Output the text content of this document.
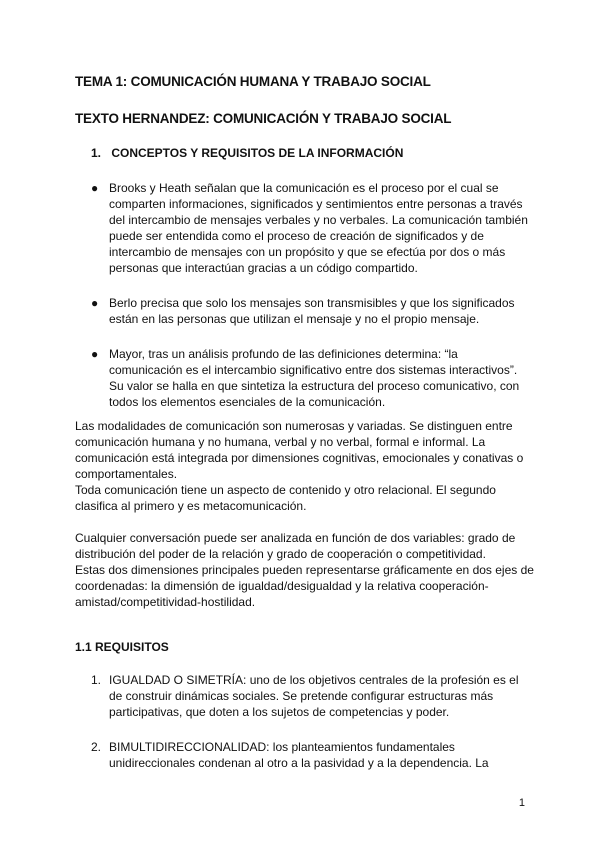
TEMA 1: COMUNICACIÓN HUMANA Y TRABAJO SOCIAL
TEXTO HERNANDEZ: COMUNICACIÓN Y TRABAJO SOCIAL
1. CONCEPTOS Y REQUISITOS DE LA INFORMACIÓN
● Brooks y Heath señalan que la comunicación es el proceso por el cual se comparten informaciones, significados y sentimientos entre personas a través del intercambio de mensajes verbales y no verbales. La comunicación también puede ser entendida como el proceso de creación de significados y de intercambio de mensajes con un propósito y que se efectúa por dos o más personas que interactúan gracias a un código compartido.
● Berlo precisa que solo los mensajes son transmisibles y que los significados están en las personas que utilizan el mensaje y no el propio mensaje.
● Mayor, tras un análisis profundo de las definiciones determina: “la comunicación es el intercambio significativo entre dos sistemas interactivos”. Su valor se halla en que sintetiza la estructura del proceso comunicativo, con todos los elementos esenciales de la comunicación.
Las modalidades de comunicación son numerosas y variadas. Se distinguen entre comunicación humana y no humana, verbal y no verbal, formal e informal. La comunicación está integrada por dimensiones cognitivas, emocionales y conativas o comportamentales.
Toda comunicación tiene un aspecto de contenido y otro relacional. El segundo clasifica al primero y es metacomunicación.
Cualquier conversación puede ser analizada en función de dos variables: grado de distribución del poder de la relación y grado de cooperación o competitividad.
Estas dos dimensiones principales pueden representarse gráficamente en dos ejes de coordenadas: la dimensión de igualdad/desigualdad y la relativa cooperación-amistad/competitividad-hostilidad.
1.1 REQUISITOS
1. IGUALDAD O SIMETRÍA: uno de los objetivos centrales de la profesión es el de construir dinámicas sociales. Se pretende configurar estructuras más participativas, que doten a los sujetos de competencias y poder.
2. BIMULTIDIRECCIONALIDAD: los planteamientos fundamentales unidireccionales condenan al otro a la pasividad y a la dependencia. La
1
